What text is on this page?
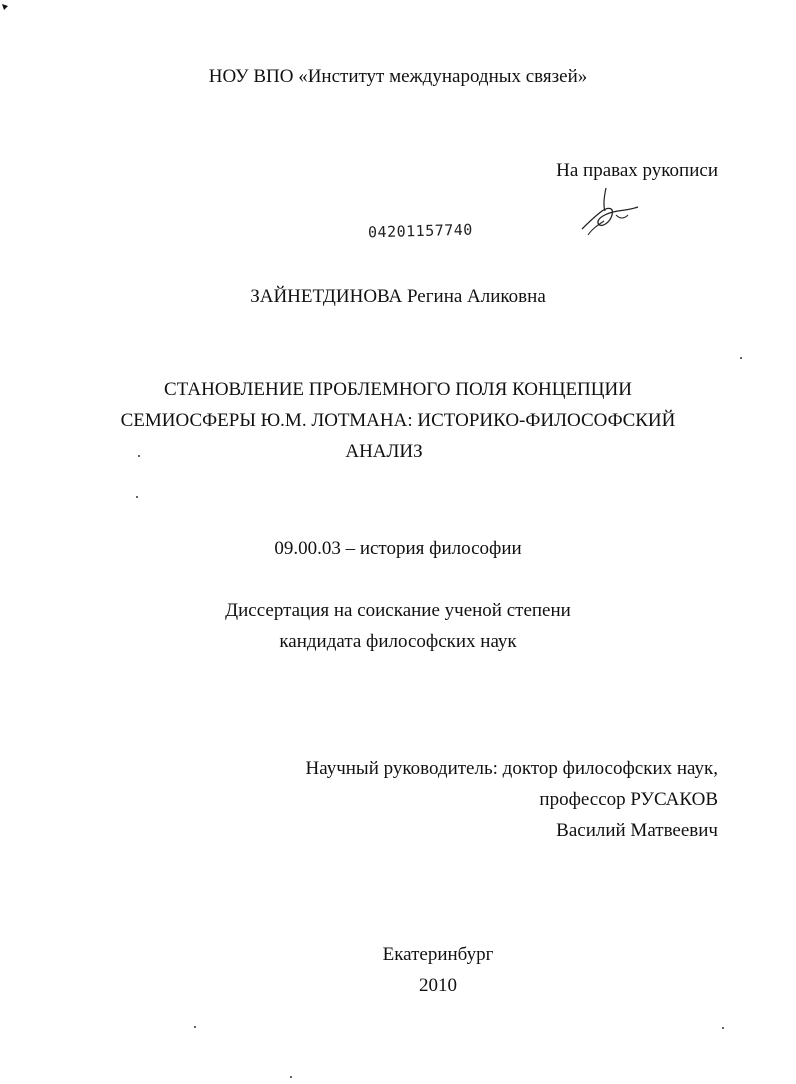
НОУ ВПО «Институт международных связей»
На правах рукописи
04201157740
ЗАЙНЕТДИНОВА Регина Аликовна
СТАНОВЛЕНИЕ ПРОБЛЕМНОГО ПОЛЯ КОНЦЕПЦИИ
СЕМИОСФЕРЫ Ю.М. ЛОТМАНА: ИСТОРИКО-ФИЛОСОФСКИЙ
АНАЛИЗ
09.00.03 – история философии
Диссертация на соискание ученой степени
кандидата философских наук
Научный руководитель: доктор философских наук,
профессор РУСАКОВ
Василий Матвеевич
Екатеринбург
2010
